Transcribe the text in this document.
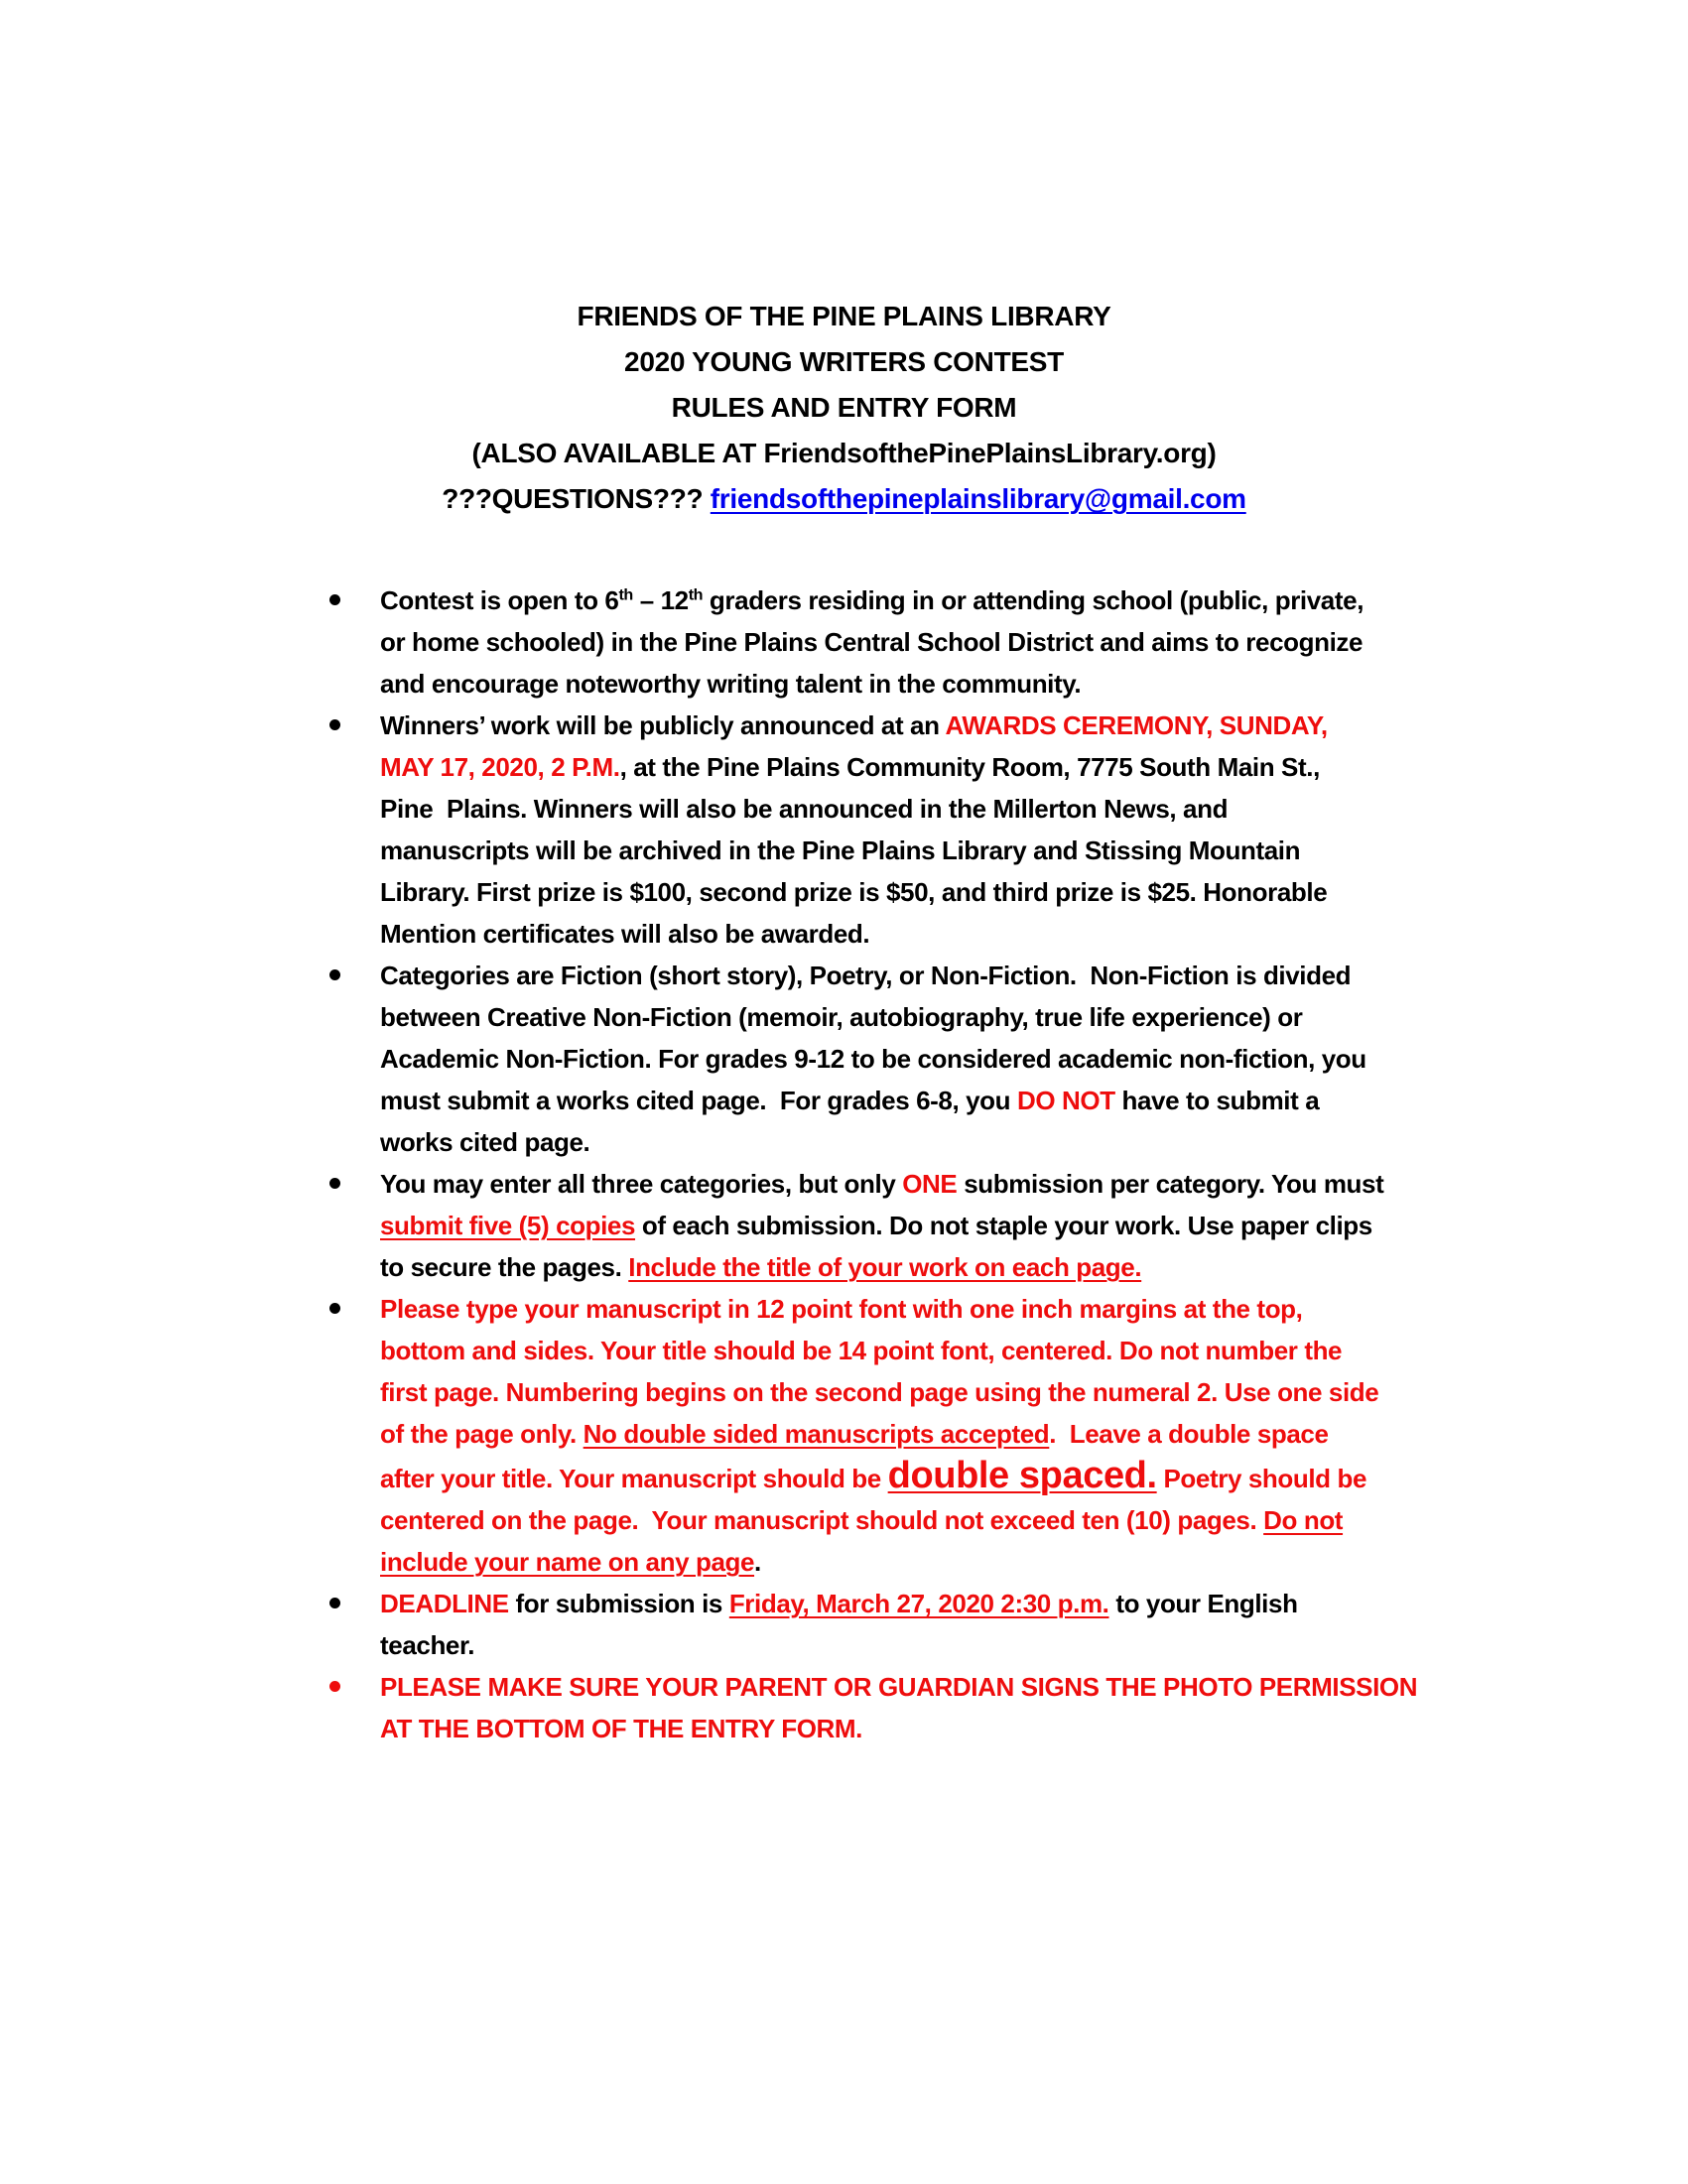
FRIENDS OF THE PINE PLAINS LIBRARY
2020 YOUNG WRITERS CONTEST
RULES AND ENTRY FORM
(ALSO AVAILABLE AT FriendsofthePinePlainsLibrary.org)
???QUESTIONS??? friendsofthepineplainslibrary@gmail.com
Contest is open to 6th – 12th graders residing in or attending school (public, private,
or home schooled) in the Pine Plains Central School District and aims to recognize
and encourage noteworthy writing talent in the community.
Winners’ work will be publicly announced at an AWARDS CEREMONY, SUNDAY,
MAY 17, 2020, 2 P.M., at the Pine Plains Community Room, 7775 South Main St.,
Pine  Plains. Winners will also be announced in the Millerton News, and
manuscripts will be archived in the Pine Plains Library and Stissing Mountain
Library. First prize is $100, second prize is $50, and third prize is $25. Honorable
Mention certificates will also be awarded.
Categories are Fiction (short story), Poetry, or Non-Fiction.  Non-Fiction is divided
between Creative Non-Fiction (memoir, autobiography, true life experience) or
Academic Non-Fiction. For grades 9-12 to be considered academic non-fiction, you
must submit a works cited page.  For grades 6-8, you DO NOT have to submit a
works cited page.
You may enter all three categories, but only ONE submission per category. You must
submit five (5) copies of each submission. Do not staple your work. Use paper clips
to secure the pages. Include the title of your work on each page.
Please type your manuscript in 12 point font with one inch margins at the top,
bottom and sides. Your title should be 14 point font, centered. Do not number the
first page. Numbering begins on the second page using the numeral 2. Use one side
of the page only. No double sided manuscripts accepted.  Leave a double space
after your title. Your manuscript should be double spaced. Poetry should be
centered on the page.  Your manuscript should not exceed ten (10) pages. Do not
include your name on any page.
DEADLINE for submission is Friday, March 27, 2020 2:30 p.m. to your English
teacher.
PLEASE MAKE SURE YOUR PARENT OR GUARDIAN SIGNS THE PHOTO PERMISSION
AT THE BOTTOM OF THE ENTRY FORM.
